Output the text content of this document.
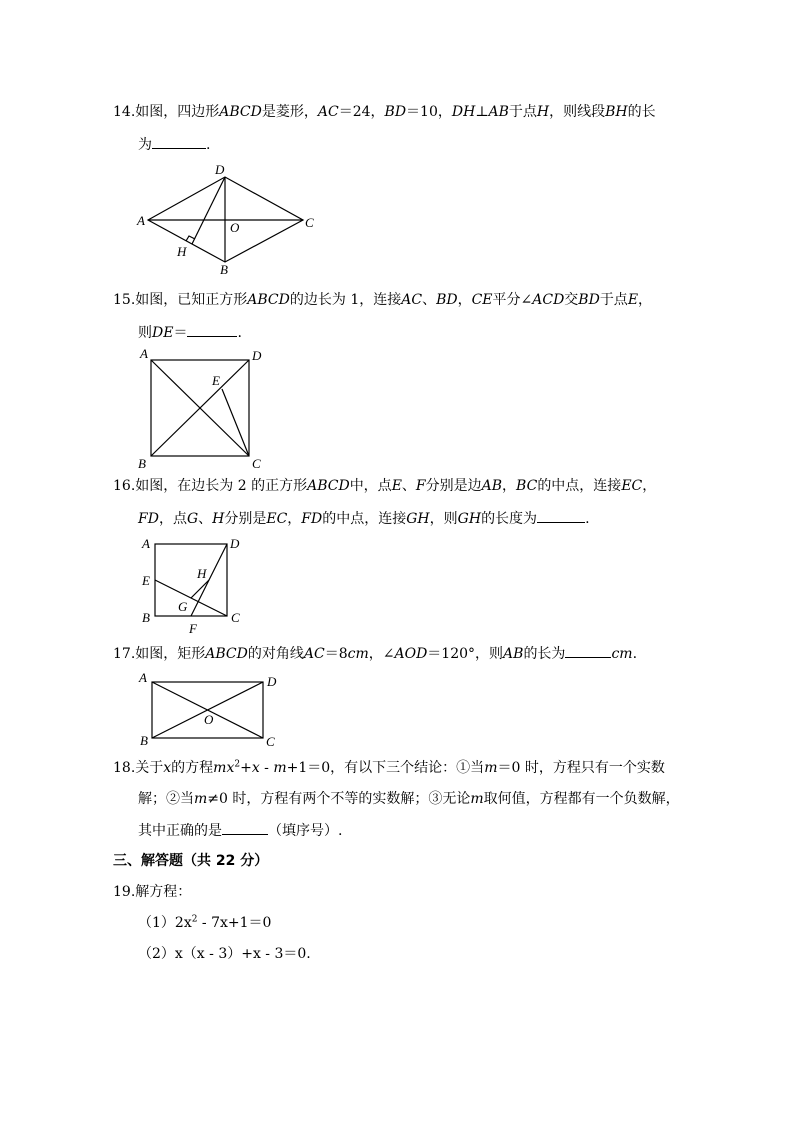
14.如图，四边形ABCD是菱形，AC＝24，BD＝10，DH⊥AB于点H，则线段BH的长
为	.
D
A	C
O
H
B
15.如图，已知正方形ABCD的边长为 1，连接AC、BD，CE平分∠ACD交BD于点E，
则DE＝	.
A	D
E
B	C
16.如图，在边长为 2 的正方形ABCD中，点E、F分别是边AB，BC的中点，连接EC，
FD，点G、H分别是EC，FD的中点，连接GH，则GH的长度为	.
A	D
H
E
G
B	C
F
17.如图，矩形ABCD的对角线AC＝8cm，∠AOD＝120°，则AB的长为	cm.
A	D
O
B	C
18.关于x的方程$mx^2+x - m+1=0$，有以下三个结论：①当m＝0 时，方程只有一个实数
解；②当m≠0 时，方程有两个不等的实数解；③无论m取何值，方程都有一个负数解，
其中正确的是	（填序号）.
三、解答题（共 22 分）
19.解方程：
$(1)2x^2 - 7x+1=0$
（2）x（x - 3）+x - 3＝0.
